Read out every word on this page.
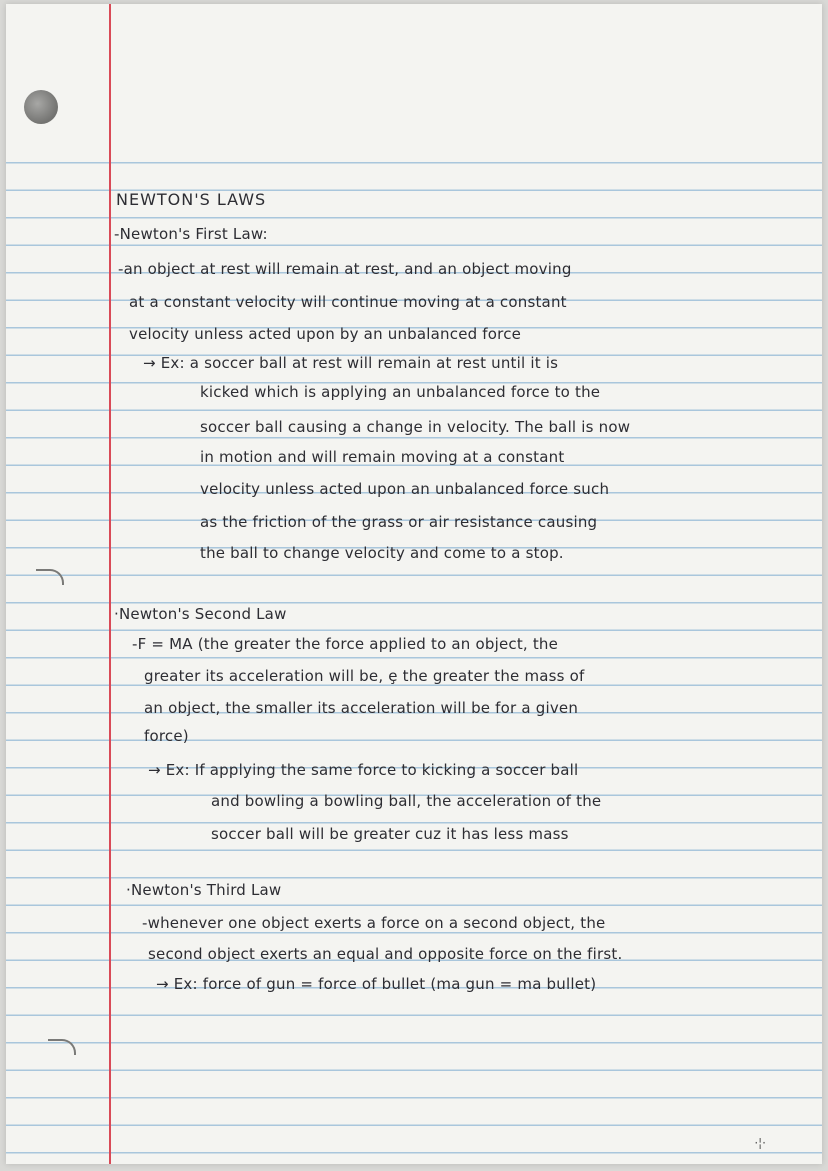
NEWTON'S LAWS
-Newton's First Law:
-an object at rest will remain at rest, and an object moving
at a constant velocity will continue moving at a constant
velocity unless acted upon by an unbalanced force
→ Ex: a soccer ball at rest will remain at rest until it is
kicked which is applying an unbalanced force to the
soccer ball causing a change in velocity. The ball is now
in motion and will remain moving at a constant
velocity unless acted upon an unbalanced force such
as the friction of the grass or air resistance causing
the ball to change velocity and come to a stop.
·Newton's Second Law
-F = MA (the greater the force applied to an object, the
greater its acceleration will be, ȩ the greater the mass of
an object, the smaller its acceleration will be for a given
force)
→ Ex: If applying the same force to kicking a soccer ball
and bowling a bowling ball, the acceleration of the
soccer ball will be greater cuz it has less mass
·Newton's Third Law
-whenever one object exerts a force on a second object, the
second object exerts an equal and opposite force on the first.
→ Ex: force of gun = force of bullet (ma gun = ma bullet)
·¦·
